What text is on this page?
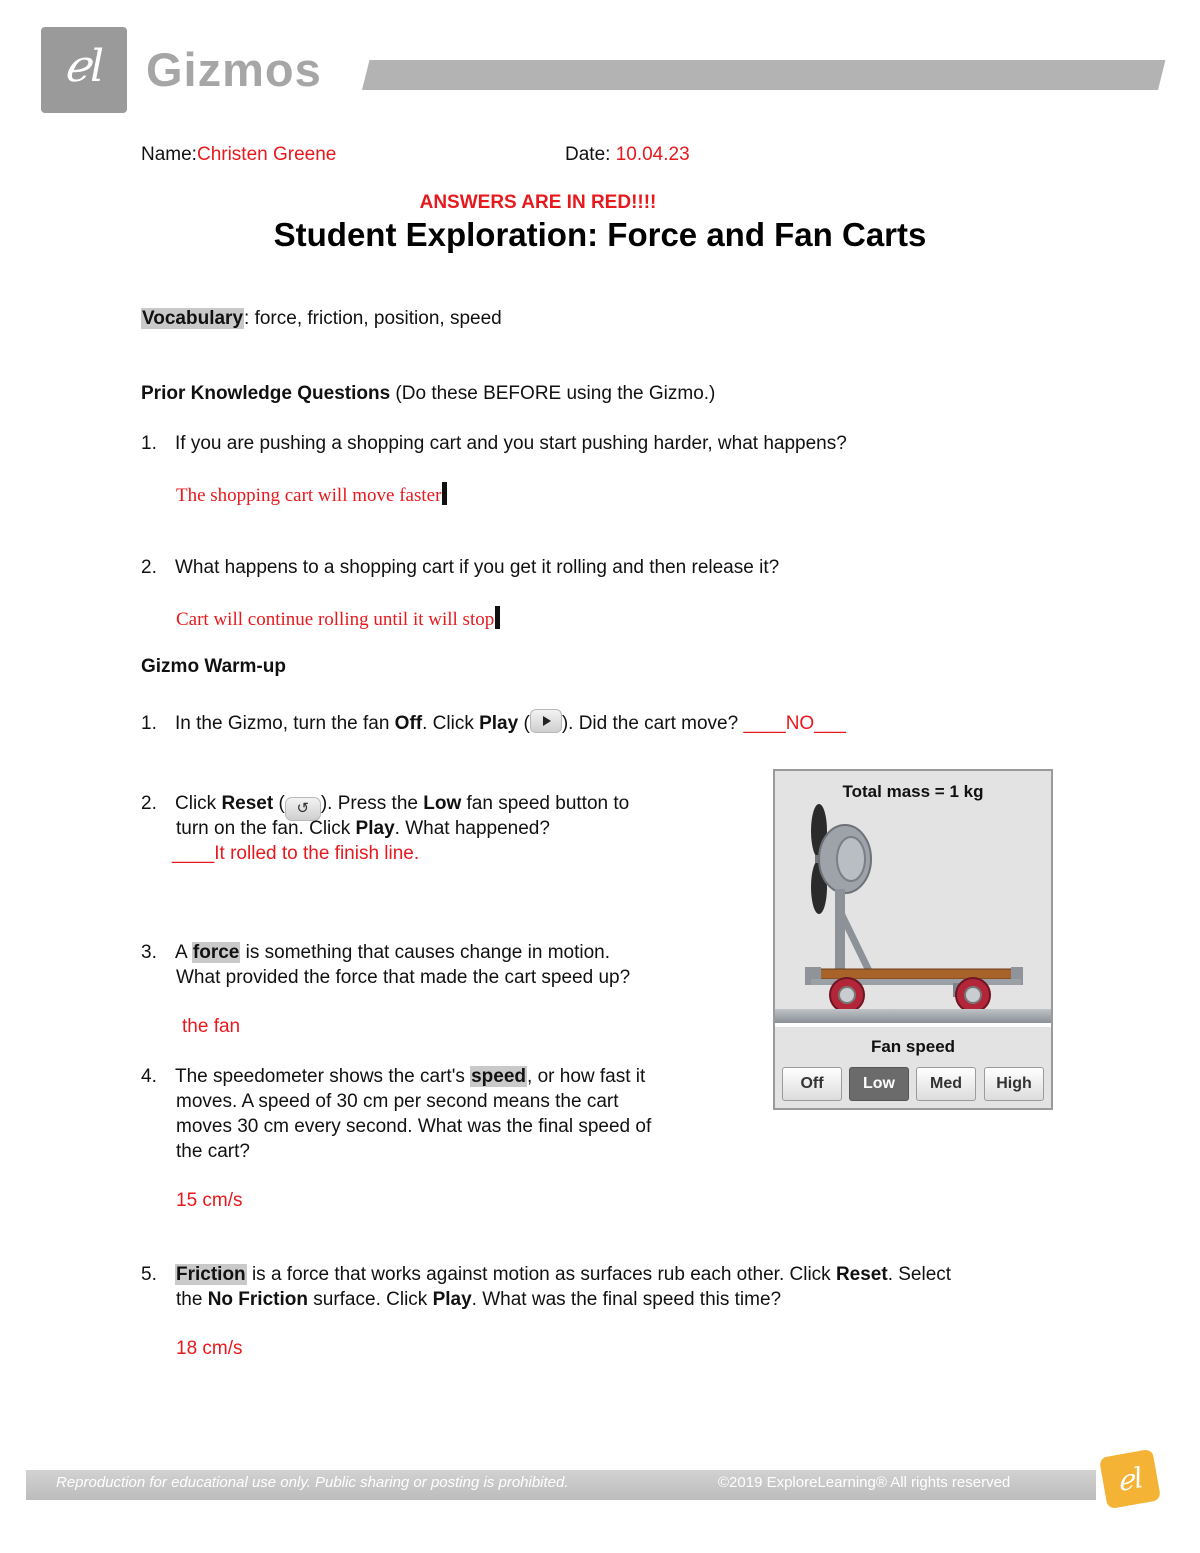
ℯl Gizmos
Name:Christen Greene	Date: 10.04.23
ANSWERS ARE IN RED!!!!
Student Exploration: Force and Fan Carts
Vocabulary: force, friction, position, speed
Prior Knowledge Questions (Do these BEFORE using the Gizmo.)
1. If you are pushing a shopping cart and you start pushing harder, what happens?
The shopping cart will move faster
2. What happens to a shopping cart if you get it rolling and then release it?
Cart will continue rolling until it will stop
Gizmo Warm-up
1. In the Gizmo, turn the fan Off. Click Play ( ). Did the cart move? ____NO___
2. Click Reset ( ↺ ). Press the Low fan speed button to
turn on the fan. Click Play. What happened?
____It rolled to the finish line.
3. A force is something that causes change in motion.
What provided the force that made the cart speed up?
the fan
4. The speedometer shows the cart's speed, or how fast it
moves. A speed of 30 cm per second means the cart
moves 30 cm every second. What was the final speed of
the cart?
15 cm/s
5. Friction is a force that works against motion as surfaces rub each other. Click Reset. Select
the No Friction surface. Click Play. What was the final speed this time?
18 cm/s
Total mass = 1 kg
Fan speed
Off	Low	Med	High
Reproduction for educational use only. Public sharing or posting is prohibited.	©2019 ExploreLearning® All rights reserved	ℯl
